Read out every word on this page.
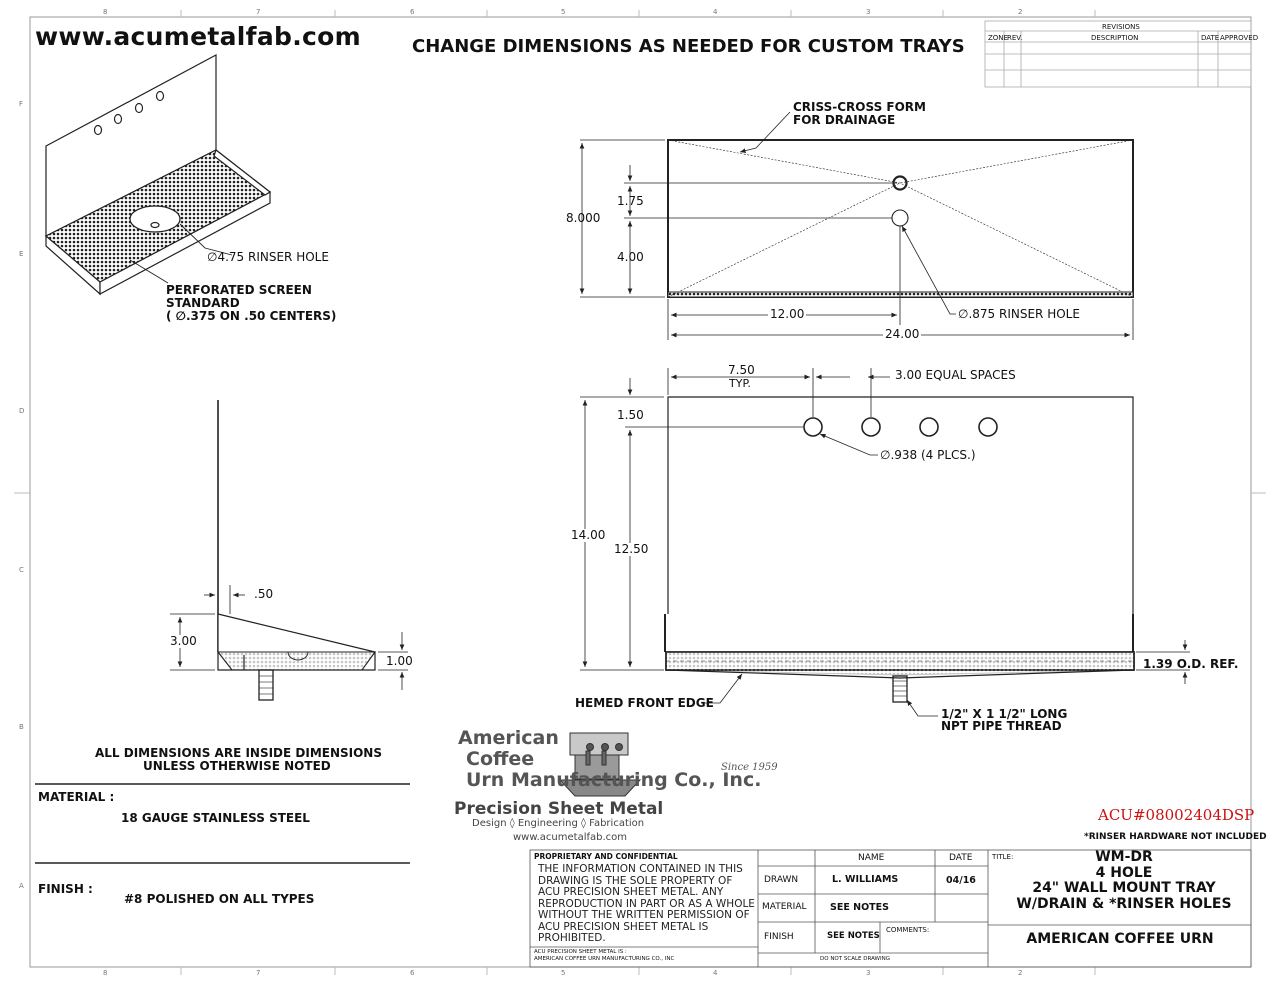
8	7	6	5	4	3	2
8	7	6	5	4	3	2
F
E
D
C
B
A
www.acumetalfab.com	CHANGE DIMENSIONS AS NEEDED FOR CUSTOM TRAYS
REVISIONS
ZONE REV.	DESCRIPTION	DATE APPROVED
∅4.75 RINSER HOLE
PERFORATED SCREEN
STANDARD
( ∅.375 ON .50 CENTERS)
CRISS-CROSS FORM
FOR DRAINAGE
8.000
1.75
4.00
12.00
24.00
∅.875 RINSER HOLE
7.50
TYP.
3.00 EQUAL SPACES
1.50
∅.938 (4 PLCS.)
14.00
12.50
1.39 O.D. REF.
HEMED FRONT EDGE
1/2" X 1 1/2" LONG
NPT PIPE THREAD
.50
3.00
1.00
ALL DIMENSIONS ARE INSIDE DIMENSIONS
UNLESS OTHERWISE NOTED
MATERIAL :
18 GAUGE STAINLESS STEEL
FINISH :
#8 POLISHED ON ALL TYPES
American
Coffee
Urn Manufacturing Co., Inc.
Since 1959
Precision Sheet Metal
Design ◊ Engineering ◊ Fabrication
www.acumetalfab.com
ACU#08002404DSP
*RINSER HARDWARE NOT INCLUDED
PROPRIETARY AND CONFIDENTIAL
THE INFORMATION CONTAINED IN THIS DRAWING IS THE SOLE PROPERTY OF ACU PRECISION SHEET METAL. ANY REPRODUCTION IN PART OR AS A WHOLE WITHOUT THE WRITTEN PERMISSION OF ACU PRECISION SHEET METAL IS PROHIBITED.
ACU PRECISION SHEET METAL IS :
AMERICAN COFFEE URN MANUFACTURING CO., INC
NAME	DATE
DRAWN	L. WILLIAMS	04/16
MATERIAL SEE NOTES
FINISH	SEE NOTES
COMMENTS:
DO NOT SCALE DRAWING
TITLE:	WM-DR
4 HOLE
24" WALL MOUNT TRAY
W/DRAIN & *RINSER HOLES
AMERICAN COFFEE URN
